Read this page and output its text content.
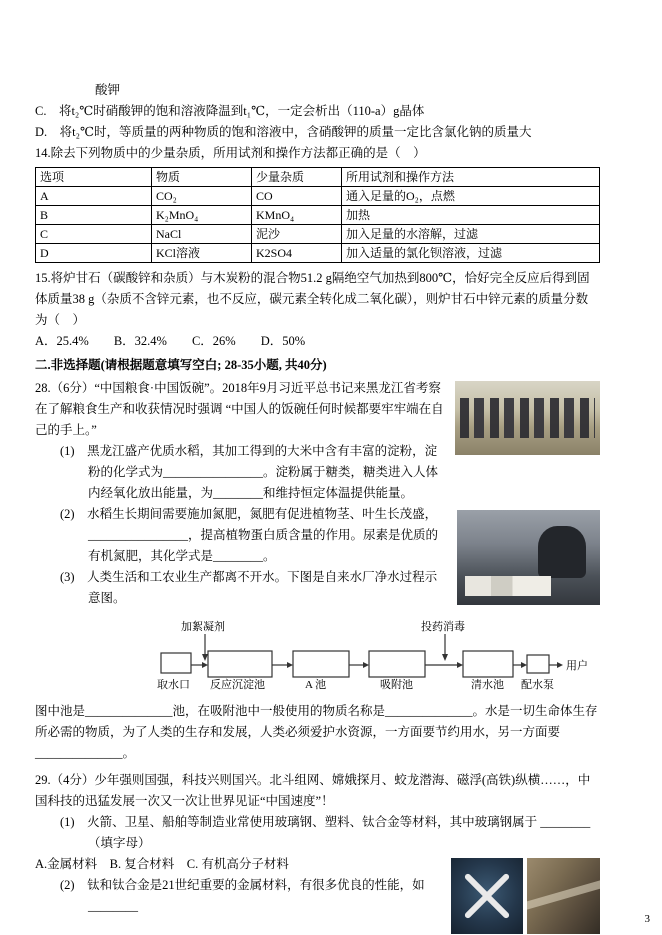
酸钾

C.　将t₂℃时硝酸钾的饱和溶液降温到t₁℃，一定会析出（110-a）g晶体

D.　将t₂℃时，等质量的两种物质的饱和溶液中，含硝酸钾的质量一定比含氯化钠的质量大

14.除去下列物质中的少量杂质，所用试剂和操作方法都正确的是（　）

选项	物质	少量杂质	所用试剂和操作方法
A	CO₂	CO	通入足量的O₂，点燃
B	K₂MnO₄	KMnO₄	加热
C	NaCl	泥沙	加入足量的水溶解，过滤
D	KCl溶液	K2SO4	加入适量的氯化钡溶液，过滤

15.将炉甘石（碳酸锌和杂质）与木炭粉的混合物51.2 g隔绝空气加热到800℃，恰好完全反应后得到固体质量38 g（杂质不含锌元素，也不反应，碳元素全转化成二氧化碳），则炉甘石中锌元素的质量分数为（　）

A．25.4%　　B．32.4%　　C．26%　　D．50%

二.非选择题(请根据题意填写空白; 28-35小题, 共40分)

28.（6分）“中国粮食·中国饭碗”。2018年9月习近平总书记来黑龙江省考察 在了解粮食生产和收获情况时强调 “中国人的饭碗任何时候都要牢牢端在自己的手上。”

(1)　黑龙江盛产优质水稻，其加工得到的大米中含有丰富的淀粉，淀粉的化学式为________________。淀粉属于糖类，糖类进入人体内经氧化放出能量，为________和维持恒定体温提供能量。

(2)　水稻生长期间需要施加氮肥，氮肥有促进植物茎、叶生长茂盛，________________，提高植物蛋白质含量的作用。尿素是优质的有机氮肥，其化学式是________。

(3)　人类生活和工农业生产都离不开水。下图是自来水厂净水过程示意图。

加絮凝剂
取水口 反应沉淀池	A 池	吸附池
投药消毒
清水池 配水泵
用户

图中池是______________池，在吸附池中一般使用的物质名称是______________。水是一切生命体生存所必需的物质，为了人类的生存和发展，人类必须爱护水资源，一方面要节约用水，另一方面要______________。

29.（4分）少年强则国强，科技兴则国兴。北斗组网、嫦娥探月、蛟龙潜海、磁浮(高铁)纵横……，中国科技的迅猛发展一次又一次让世界见证“中国速度”！

(1)　火箭、卫星、船舶等制造业常使用玻璃钢、塑料、钛合金等材料，其中玻璃钢属于 ________（填字母）

A.金属材料　B. 复合材料　C. 有机高分子材料

(2)　钛和钛合金是21世纪重要的金属材料，有很多优良的性能，如 ________

3
